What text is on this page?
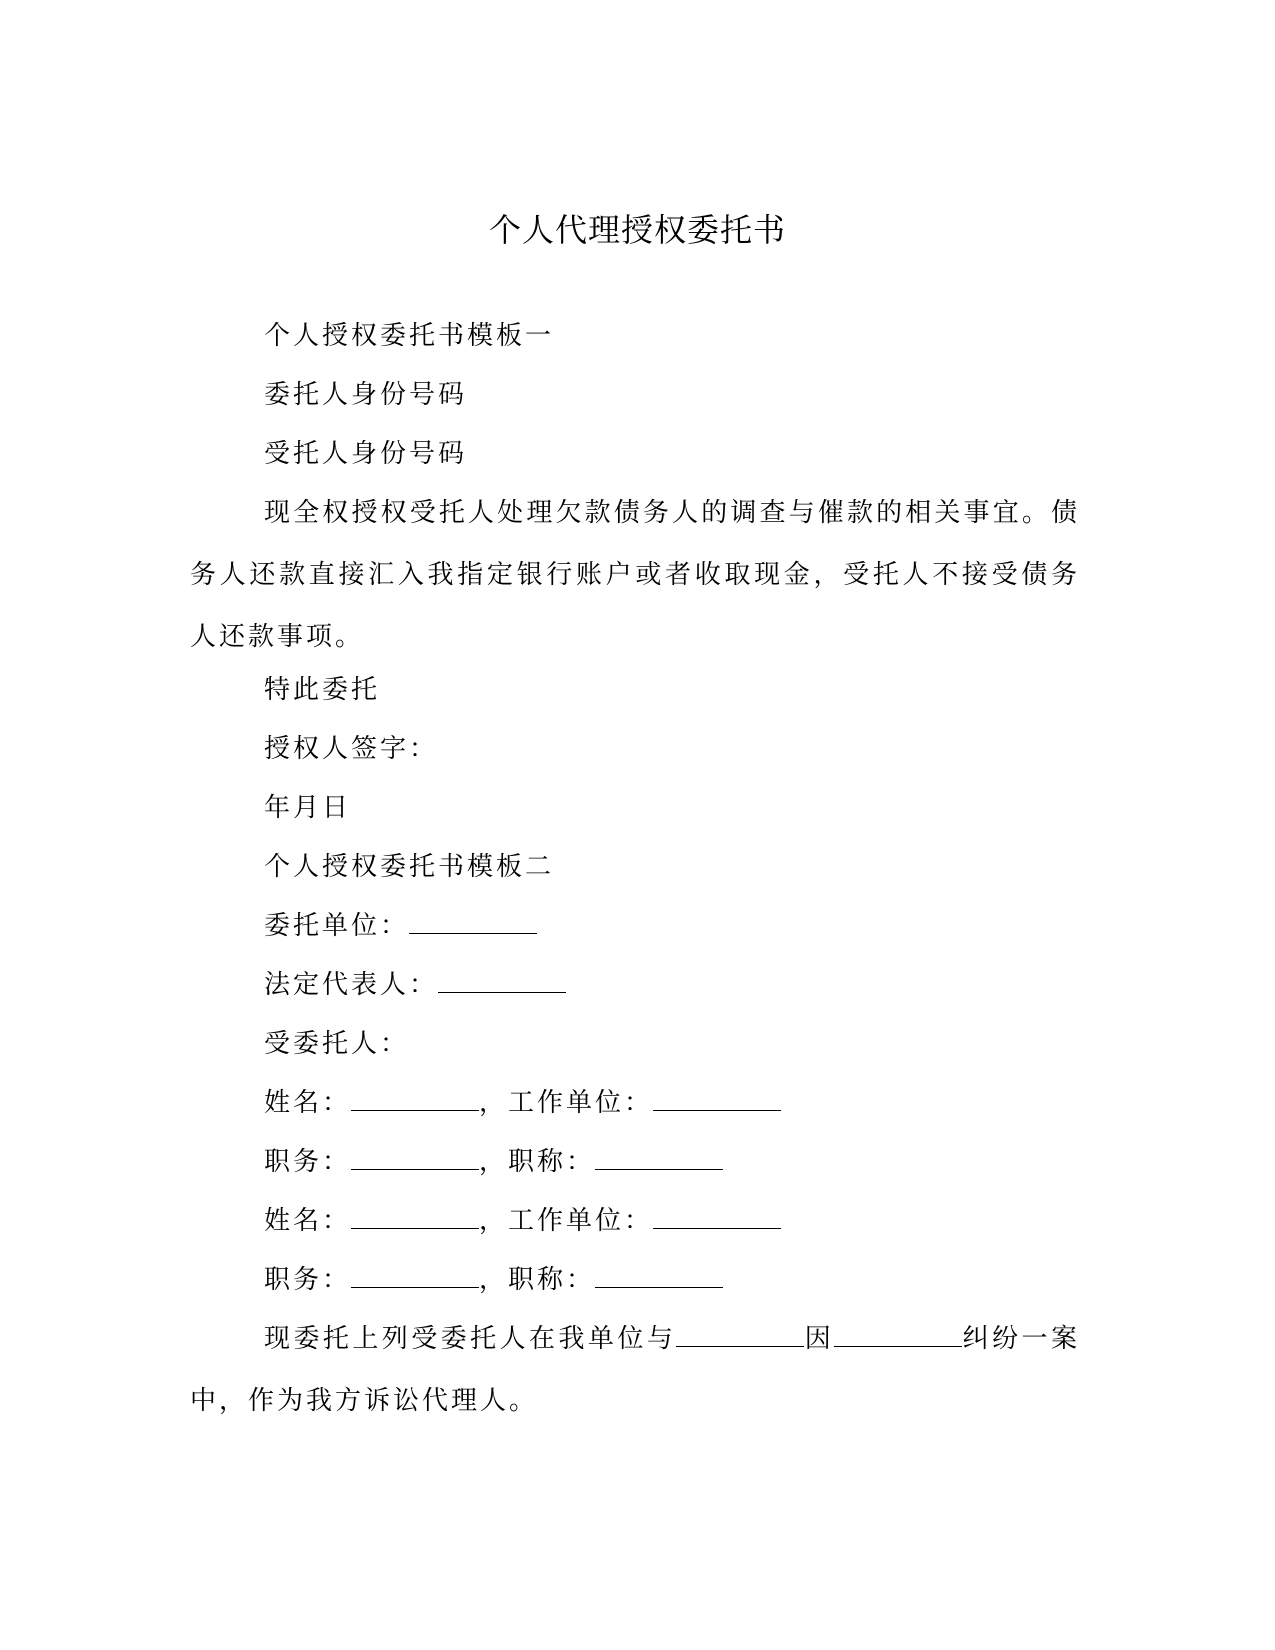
个人代理授权委托书
个人授权委托书模板一
委托人身份号码
受托人身份号码
现全权授权受托人处理欠款债务人的调查与催款的相关事宜。债务人还款直接汇入我指定银行账户或者收取现金，受托人不接受债务人还款事项。
特此委托
授权人签字：
年月日
个人授权委托书模板二
委托单位：
法定代表人：
受委托人：
姓名：	，工作单位：
职务：	，职称：
姓名：	，工作单位：
职务：	，职称：
现委托上列受委托人在我单位与	因	纠纷一案中，作为我方诉讼代理人。
